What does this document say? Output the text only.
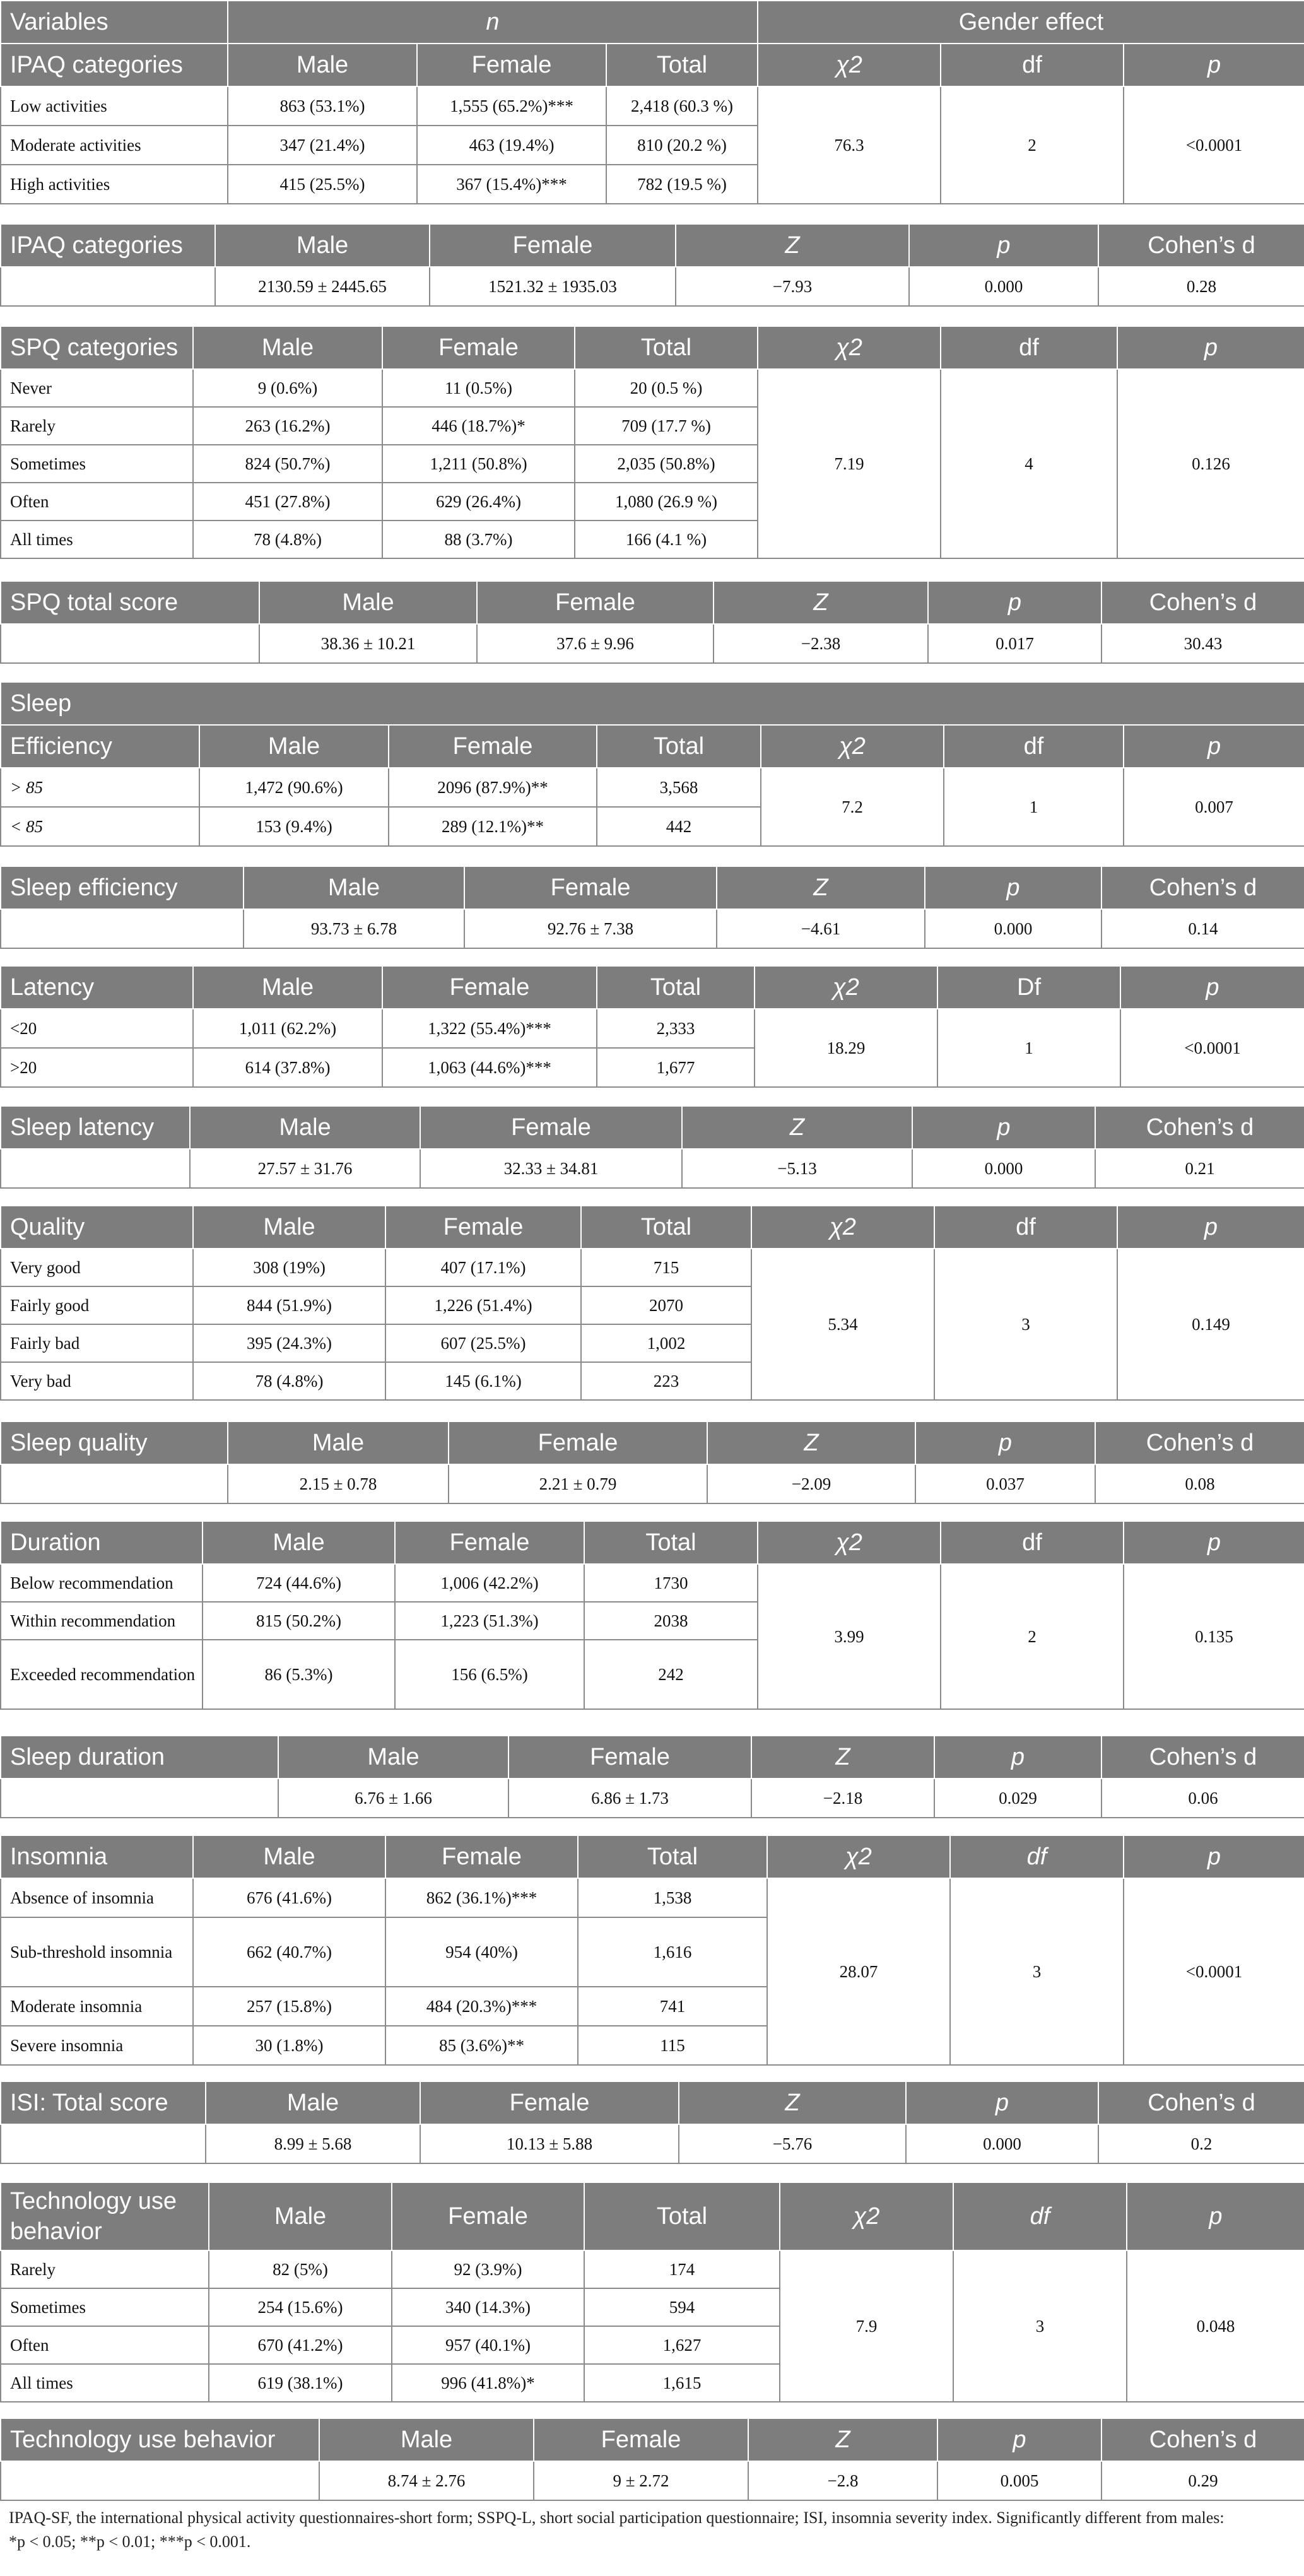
Variables	n			Gender effect		
IPAQ categories	Male	Female	Total	χ2	df	p
Low activities	863 (53.1%)	1,555 (65.2%)***	2,418 (60.3 %)	76.3	2	<0.0001
Moderate activities	347 (21.4%)	463 (19.4%)	810 (20.2 %)			
High activities	415 (25.5%)	367 (15.4%)***	782 (19.5 %)			
IPAQ categories	Male	Female	Z	p	Cohen’s d
	2130.59 ± 2445.65	1521.32 ± 1935.03	−7.93	0.000	0.28
SPQ categories	Male	Female	Total	χ2	df	p
Never	9 (0.6%)	11 (0.5%)	20 (0.5 %)	7.19	4	0.126
Rarely	263 (16.2%)	446 (18.7%)*	709 (17.7 %)			
Sometimes	824 (50.7%)	1,211 (50.8%)	2,035 (50.8%)			
Often	451 (27.8%)	629 (26.4%)	1,080 (26.9 %)			
All times	78 (4.8%)	88 (3.7%)	166 (4.1 %)			
SPQ total score	Male	Female	Z	p	Cohen’s d
	38.36 ± 10.21	37.6 ± 9.96	−2.38	0.017	30.43
Sleep						
Efficiency	Male	Female	Total	χ2	df	p
> 85	1,472 (90.6%)	2096 (87.9%)**	3,568	7.2	1	0.007
< 85	153 (9.4%)	289 (12.1%)**	442			
Sleep efficiency	Male	Female	Z	p	Cohen’s d
	93.73 ± 6.78	92.76 ± 7.38	−4.61	0.000	0.14
Latency	Male	Female	Total	χ2	Df	p
<20	1,011 (62.2%)	1,322 (55.4%)***	2,333	18.29	1	<0.0001
>20	614 (37.8%)	1,063 (44.6%)***	1,677			
Sleep latency	Male	Female	Z	p	Cohen’s d
	27.57 ± 31.76	32.33 ± 34.81	−5.13	0.000	0.21
Quality	Male	Female	Total	χ2	df	p
Very good	308 (19%)	407 (17.1%)	715	5.34	3	0.149
Fairly good	844 (51.9%)	1,226 (51.4%)	2070			
Fairly bad	395 (24.3%)	607 (25.5%)	1,002			
Very bad	78 (4.8%)	145 (6.1%)	223			
Sleep quality	Male	Female	Z	p	Cohen’s d
	2.15 ± 0.78	2.21 ± 0.79	−2.09	0.037	0.08
Duration	Male	Female	Total	χ2	df	p
Below recommendation	724 (44.6%)	1,006 (42.2%)	1730	3.99	2	0.135
Within recommendation	815 (50.2%)	1,223 (51.3%)	2038			
Exceeded recommendation	86 (5.3%)	156 (6.5%)	242			
Sleep duration	Male	Female	Z	p	Cohen’s d
	6.76 ± 1.66	6.86 ± 1.73	−2.18	0.029	0.06
Insomnia	Male	Female	Total	χ2	df	p
Absence of insomnia	676 (41.6%)	862 (36.1%)***	1,538	28.07	3	<0.0001
Sub-threshold insomnia	662 (40.7%)	954 (40%)	1,616			
Moderate insomnia	257 (15.8%)	484 (20.3%)***	741			
Severe insomnia	30 (1.8%)	85 (3.6%)**	115			
ISI: Total score	Male	Female	Z	p	Cohen’s d
	8.99 ± 5.68	10.13 ± 5.88	−5.76	0.000	0.2
Technology use behavior	Male	Female	Total	χ2	df	p
Rarely	82 (5%)	92 (3.9%)	174	7.9	3	0.048
Sometimes	254 (15.6%)	340 (14.3%)	594			
Often	670 (41.2%)	957 (40.1%)	1,627			
All times	619 (38.1%)	996 (41.8%)*	1,615			
Technology use behavior	Male	Female	Z	p	Cohen’s d
	8.74 ± 2.76	9 ± 2.72	−2.8	0.005	0.29
IPAQ-SF, the international physical activity questionnaires-short form; SSPQ-L, short social participation questionnaire; ISI, insomnia severity index. Significantly different from males:
*p < 0.05; **p < 0.01; ***p < 0.001.
